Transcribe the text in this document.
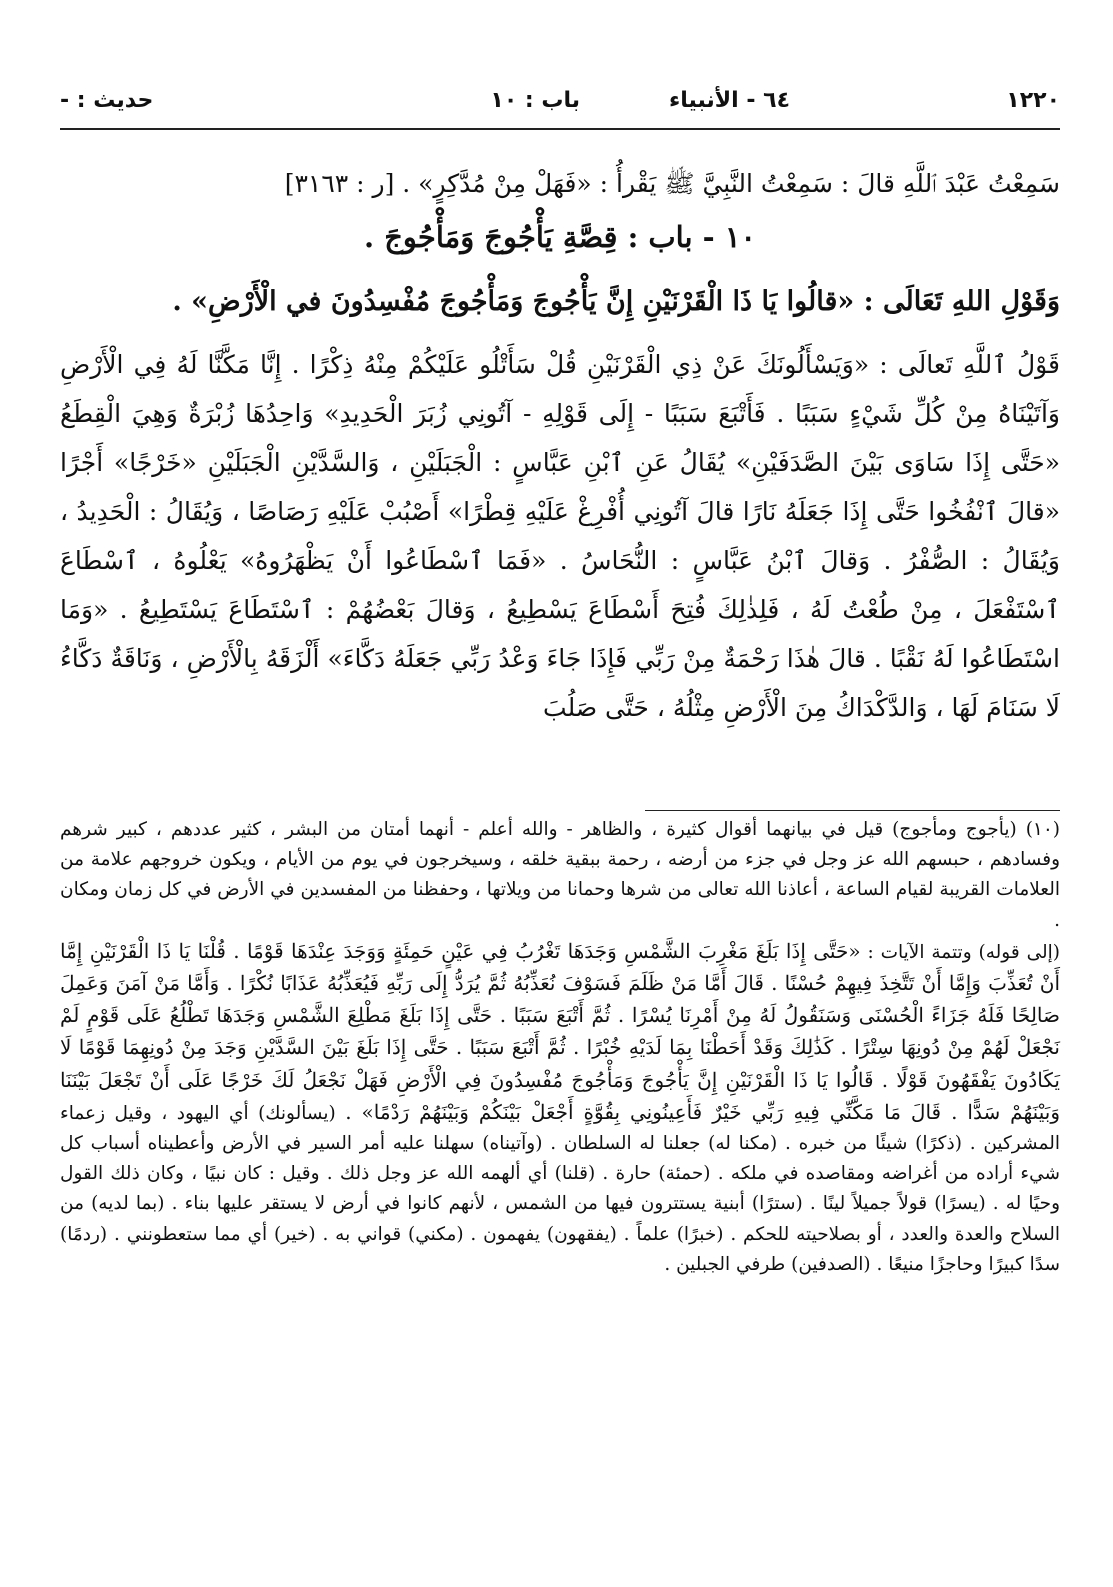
١٢٢٠
٦٤ - الأنبياء
باب : ١٠
حديث : -
سَمِعْتُ عَبْدَ ٱللَّهِ قالَ : سَمِعْتُ النَّبِيَّ ﷺ يَقْرأُ : «فَهَلْ مِنْ مُدَّكِرٍ» . [ر : ٣١٦٣]
١٠ - باب : قِصَّةِ يَأْجُوجَ وَمَأْجُوجَ .
وَقَوْلِ اللهِ تَعَالَى : «قالُوا يَا ذَا الْقَرْنَيْنِ إِنَّ يَأْجُوجَ وَمَأْجُوجَ مُفْسِدُونَ في الْأَرْضِ» .

قَوْلُ ٱللَّهِ تَعالَى : «وَيَسْأَلُونَكَ عَنْ ذِي الْقَرْنَيْنِ قُلْ سَأَتْلُو عَلَيْكُمْ مِنْهُ ذِكْرًا . إِنَّا مَكَّنَّا لَهُ فِي الْأَرْضِ وَآتَيْنَاهُ مِنْ كُلِّ شَيْءٍ سَبَبًا . فَأَتْبَعَ سَبَبًا - إِلَى قَوْلِهِ - آتُونِي زُبَرَ الْحَدِيدِ» وَاحِدُهَا زُبْرَةٌ وَهِيَ الْقِطَعُ «حَتَّى إِذَا سَاوَى بَيْنَ الصَّدَفَيْنِ» يُقَالُ عَنِ ٱبْنِ عَبَّاسٍ : الْجَبَلَيْنِ ، وَالسَّدَّيْنِ الْجَبَلَيْنِ «خَرْجًا» أَجْرًا «قالَ ٱنْفُخُوا حَتَّى إِذَا جَعَلَهُ نَارًا قالَ آتُونِي أُفْرِغْ عَلَيْهِ قِطْرًا» أَصْبُبْ عَلَيْهِ رَصَاصًا ، وَيُقَالُ : الْحَدِيدُ ، وَيُقَالُ : الصُّفْرُ . وَقالَ ٱبْنُ عَبَّاسٍ : النُّحَاسُ . «فَمَا ٱسْطَاعُوا أَنْ يَظْهَرُوهُ» يَعْلُوهُ ، ٱسْطَاعَ ٱسْتَفْعَلَ ، مِنْ طُعْتُ لَهُ ، فَلِذٰلِكَ فُتِحَ أَسْطَاعَ يَسْطِيعُ ، وَقالَ بَعْضُهُمْ : ٱسْتَطَاعَ يَسْتَطِيعُ . «وَمَا اسْتَطَاعُوا لَهُ نَقْبًا . قالَ هٰذَا رَحْمَةٌ مِنْ رَبِّي فَإِذَا جَاءَ وَعْدُ رَبِّي جَعَلَهُ دَكَّاءَ» أَلْزَقَهُ بِالْأَرْضِ ، وَنَاقَةٌ دَكَّاءُ لَا سَنَامَ لَهَا ، وَالدَّكْدَاكُ مِنَ الْأَرْضِ مِثْلُهُ ، حَتَّى صَلُبَ

(١٠) (يأجوج ومأجوج) قيل في بيانهما أقوال كثيرة ، والظاهر - والله أعلم - أنهما أمتان من البشر ، كثير عددهم ، كبير شرهم وفسادهم ، حبسهم الله عز وجل في جزء من أرضه ، رحمة ببقية خلقه ، وسيخرجون في يوم من الأيام ، ويكون خروجهم علامة من العلامات القريبة لقيام الساعة ، أعاذنا الله تعالى من شرها وحمانا من ويلاتها ، وحفظنا من المفسدين في الأرض في كل زمان ومكان .

(إلى قوله) وتتمة الآيات : «حَتَّى إِذَا بَلَغَ مَغْرِبَ الشَّمْسِ وَجَدَهَا تَغْرُبُ فِي عَيْنٍ حَمِئَةٍ وَوَجَدَ عِنْدَهَا قَوْمًا . قُلْنَا يَا ذَا الْقَرْنَيْنِ إِمَّا أَنْ تُعَذِّبَ وَإِمَّا أَنْ تَتَّخِذَ فِيهِمْ حُسْنًا . قَالَ أَمَّا مَنْ ظَلَمَ فَسَوْفَ نُعَذِّبُهُ ثُمَّ يُرَدُّ إِلَى رَبِّهِ فَيُعَذِّبُهُ عَذَابًا نُكْرًا . وَأَمَّا مَنْ آمَنَ وَعَمِلَ صَالِحًا فَلَهُ جَزَاءً الْحُسْنَى وَسَنَقُولُ لَهُ مِنْ أَمْرِنَا يُسْرًا . ثُمَّ أَتْبَعَ سَبَبًا . حَتَّى إِذَا بَلَغَ مَطْلِعَ الشَّمْسِ وَجَدَهَا تَطْلُعُ عَلَى قَوْمٍ لَمْ نَجْعَلْ لَهُمْ مِنْ دُونِهَا سِتْرًا . كَذَٰلِكَ وَقَدْ أَحَطْنَا بِمَا لَدَيْهِ خُبْرًا . ثُمَّ أَتْبَعَ سَبَبًا . حَتَّى إِذَا بَلَغَ بَيْنَ السَّدَّيْنِ وَجَدَ مِنْ دُونِهِمَا قَوْمًا لَا يَكَادُونَ يَفْقَهُونَ قَوْلًا . قَالُوا يَا ذَا الْقَرْنَيْنِ إِنَّ يَأْجُوجَ وَمَأْجُوجَ مُفْسِدُونَ فِي الْأَرْضِ فَهَلْ نَجْعَلُ لَكَ خَرْجًا عَلَى أَنْ تَجْعَلَ بَيْنَنَا وَبَيْنَهُمْ سَدًّا . قَالَ مَا مَكَّنِّي فِيهِ رَبِّي خَيْرٌ فَأَعِينُونِي بِقُوَّةٍ أَجْعَلْ بَيْنَكُمْ وَبَيْنَهُمْ رَدْمًا» . (يسألونك) أي اليهود ، وقيل زعماء المشركين . (ذكرًا) شيئًا من خبره . (مكنا له) جعلنا له السلطان . (وآتيناه) سهلنا عليه أمر السير في الأرض وأعطيناه أسباب كل شيء أراده من أغراضه ومقاصده في ملكه . (حمئة) حارة . (قلنا) أي ألهمه الله عز وجل ذلك . وقيل : كان نبيًا ، وكان ذلك القول وحيًا له . (يسرًا) قولاً جميلاً لينًا . (سترًا) أبنية يستترون فيها من الشمس ، لأنهم كانوا في أرض لا يستقر عليها بناء . (بما لديه) من السلاح والعدة والعدد ، أو بصلاحيته للحكم . (خبرًا) علماً . (يفقهون) يفهمون . (مكني) قواني به . (خير) أي مما ستعطونني . (ردمًا) سدًا كبيرًا وحاجزًا منيعًا . (الصدفين) طرفي الجبلين .
